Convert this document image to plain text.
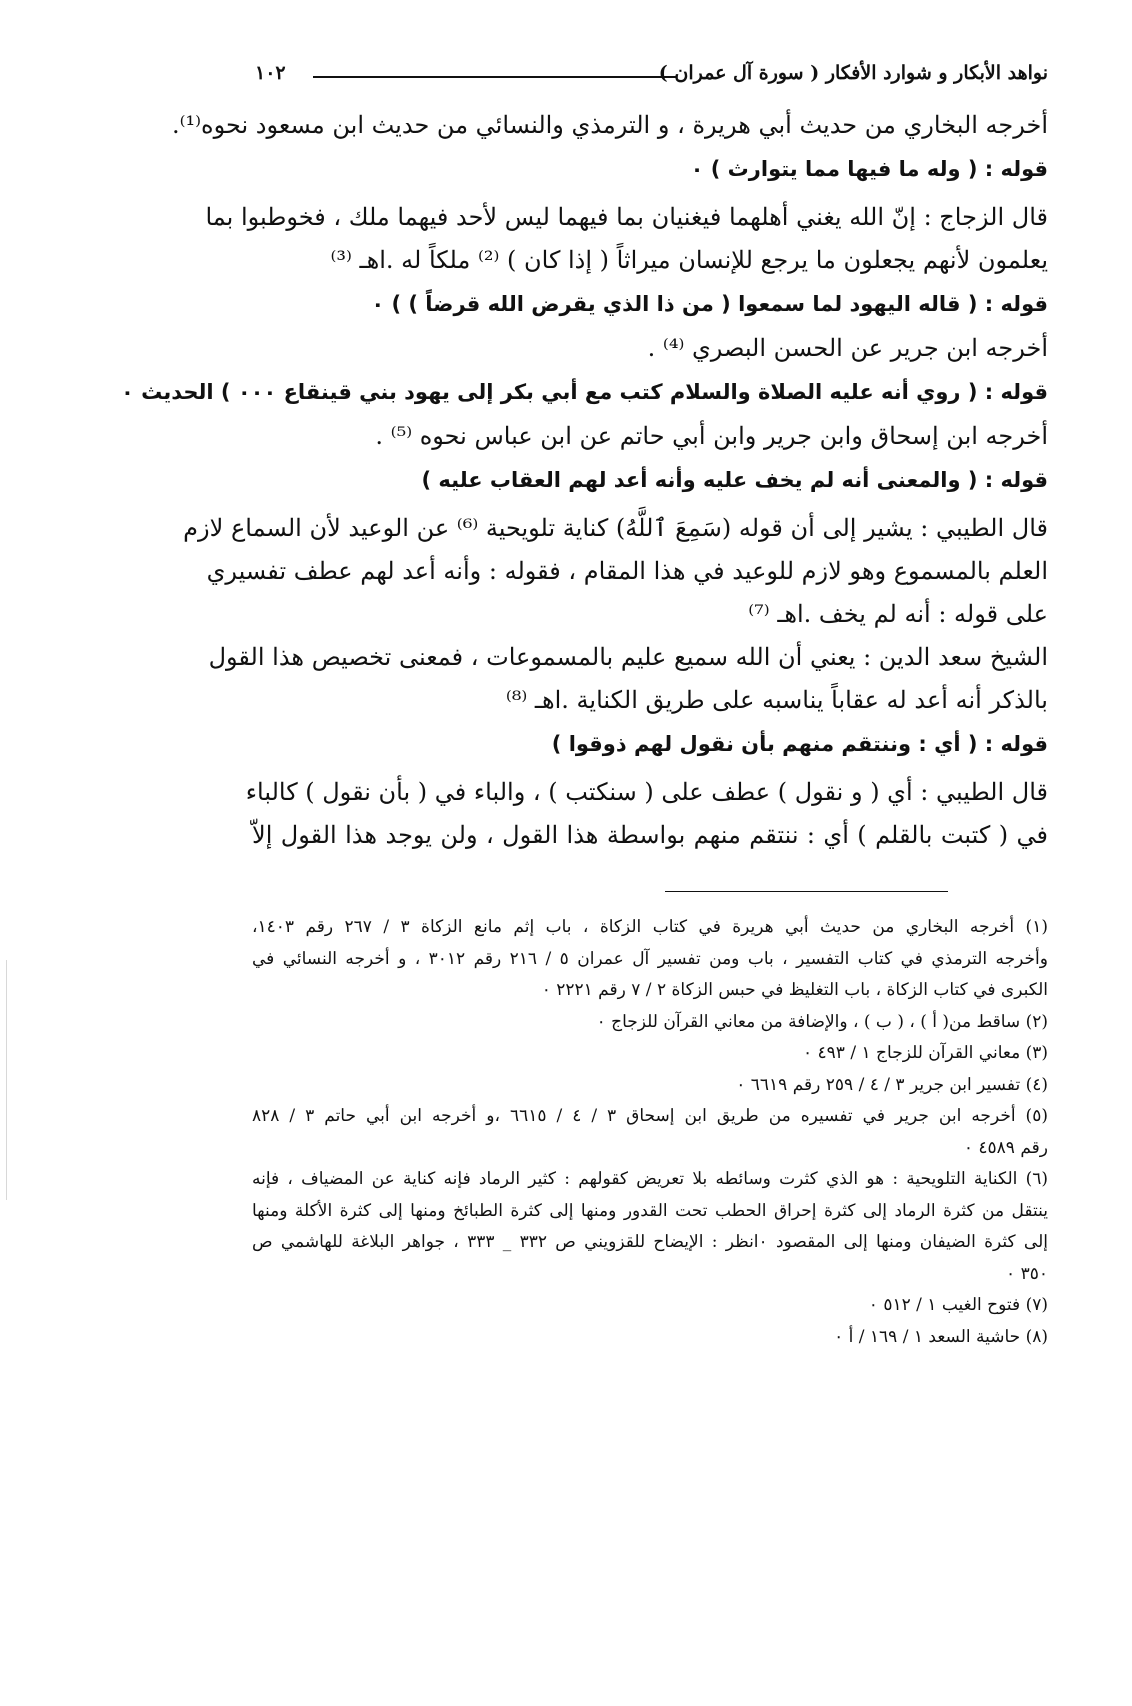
نواهد الأبكار و شوارد الأفكار ( سورة آل عمران )
١٠٢
أخرجه البخاري من حديث أبي هريرة ، و الترمذي والنسائي من حديث ابن مسعود نحوه⁽¹⁾.
قوله : ( وله ما فيها مما يتوارث ) ٠
قال الزجاج : إنّ الله يغني أهلهما فيغنيان بما فيهما ليس لأحد فيهما ملك ، فخوطبوا بما
يعلمون لأنهم يجعلون ما يرجع للإنسان ميراثاً ( إذا كان ) ⁽²⁾ ملكاً له .اهـ ⁽³⁾
قوله : ( قاله اليهود لما سمعوا ( من ذا الذي يقرض الله قرضاً ) ) ٠
أخرجه ابن جرير عن الحسن البصري ⁽⁴⁾ .
قوله : ( روي أنه عليه الصلاة والسلام كتب مع أبي بكر إلى يهود بني قينقاع ٠٠٠ ) الحديث ٠
أخرجه ابن إسحاق وابن جرير وابن أبي حاتم عن ابن عباس نحوه ⁽⁵⁾ .
قوله : ( والمعنى أنه لم يخف عليه وأنه أعد لهم العقاب عليه )
قال الطيبي : يشير إلى أن قوله (سَمِعَ ٱللَّهُ) كناية تلويحية ⁽⁶⁾ عن الوعيد لأن السماع لازم
العلم بالمسموع وهو لازم للوعيد في هذا المقام ، فقوله : وأنه أعد لهم عطف تفسيري
على قوله : أنه لم يخف .اهـ ⁽⁷⁾
الشيخ سعد الدين : يعني أن الله سميع عليم بالمسموعات ، فمعنى تخصيص هذا القول
بالذكر أنه أعد له عقاباً يناسبه على طريق الكناية .اهـ ⁽⁸⁾
قوله : ( أي : وننتقم منهم بأن نقول لهم ذوقوا )
قال الطيبي : أي ( و نقول ) عطف على ( سنكتب ) ، والباء في ( بأن نقول ) كالباء
في ( كتبت بالقلم ) أي : ننتقم منهم بواسطة هذا القول ، ولن يوجد هذا القول إلاّ
(١) أخرجه البخاري من حديث أبي هريرة في كتاب الزكاة ، باب إثم مانع الزكاة ٣ / ٢٦٧ رقم ١٤٠٣،
وأخرجه الترمذي في كتاب التفسير ، باب ومن تفسير آل عمران ٥ / ٢١٦ رقم ٣٠١٢ ، و أخرجه النسائي في
الكبرى في كتاب الزكاة ، باب التغليظ في حبس الزكاة ٢ / ٧ رقم ٢٢٢١ ٠
(٢) ساقط من( أ ) ، ( ب ) ، والإضافة من معاني القرآن للزجاج ٠
(٣) معاني القرآن للزجاج ١ / ٤٩٣ ٠
(٤) تفسير ابن جرير ٣ / ٤ / ٢٥٩ رقم ٦٦١٩ ٠
(٥) أخرجه ابن جرير في تفسيره من طريق ابن إسحاق ٣ / ٤ / ٦٦١٥ ،و أخرجه ابن أبي حاتم ٣ / ٨٢٨
رقم ٤٥٨٩ ٠
(٦) الكناية التلويحية : هو الذي كثرت وسائطه بلا تعريض كقولهم : كثير الرماد فإنه كناية عن المضياف ، فإنه
ينتقل من كثرة الرماد إلى كثرة إحراق الحطب تحت القدور ومنها إلى كثرة الطبائخ ومنها إلى كثرة الأكلة ومنها
إلى كثرة الضيفان ومنها إلى المقصود ٠انظر : الإيضاح للقزويني ص ٣٣٢ _ ٣٣٣ ، جواهر البلاغة للهاشمي ص
٣٥٠ ٠
(٧) فتوح الغيب ١ / ٥١٢ ٠
(٨) حاشية السعد ١ / ١٦٩ / أ ٠
